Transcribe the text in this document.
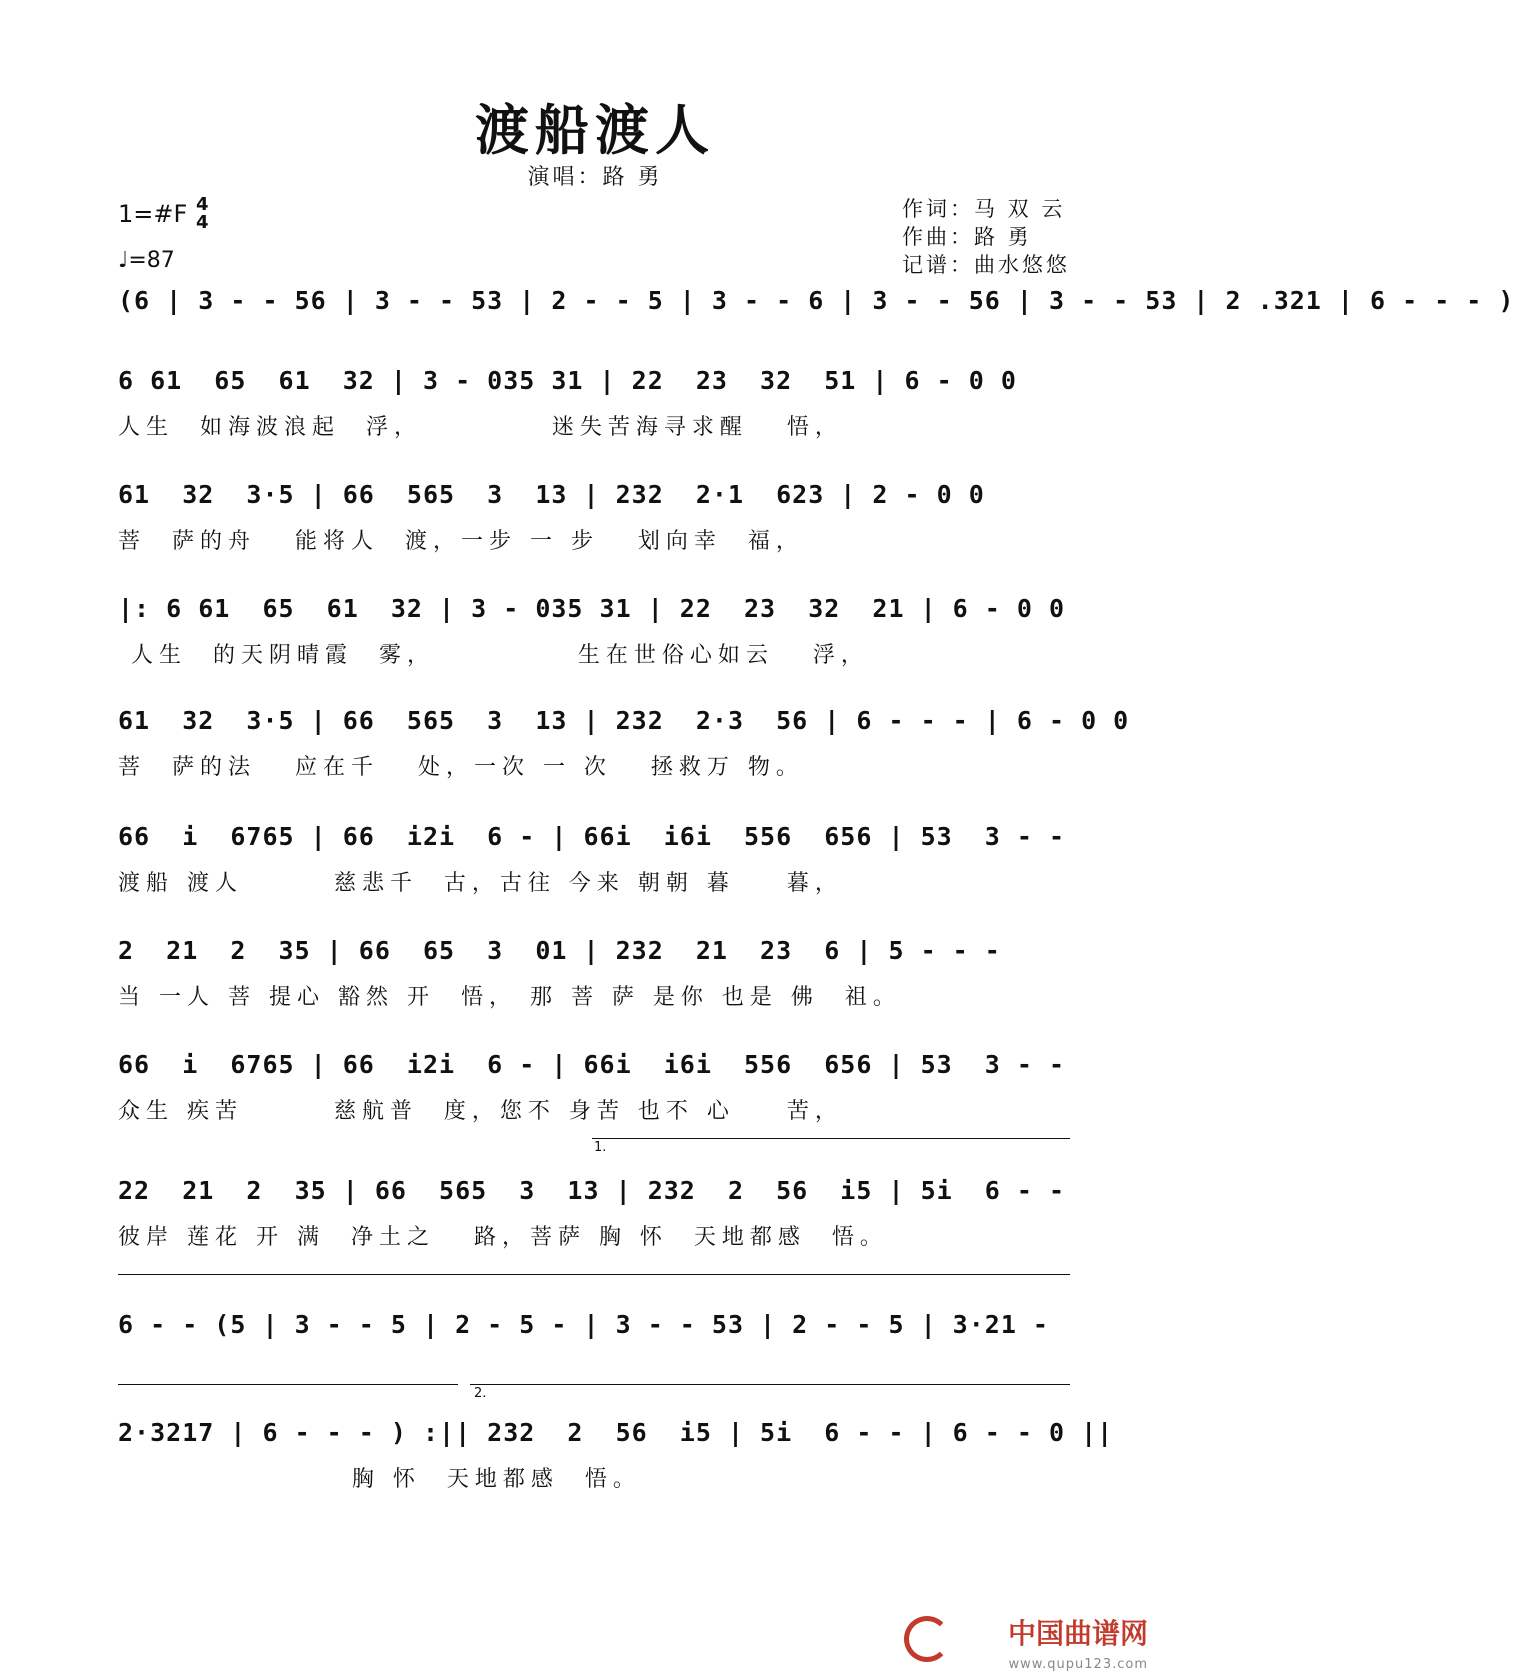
渡船渡人
演唱：路 勇
1=#F 4
4
♩=87
作词：马 双 云
作曲：路 勇
记谱：曲水悠悠
(6 | 3 - - 56 | 3 - - 53 | 2 - - 5 | 3 - - 6 | 3 - - 56 | 3 - - 53 | 2 .321 | 6 - - - )
6 61  65  61  32 | 3 - 035 31 | 22  23  32  51 | 6 - 0 0
人生  如海波浪起  浮，          迷失苦海寻求醒   悟，
61  32  3·5 | 66  565  3  13 | 232  2·1  623 | 2 - 0 0
菩  萨的舟   能将人  渡，一步 一 步   划向幸  福，
|: 6 61  65  61  32 | 3 - 035 31 | 22  23  32  21 | 6 - 0 0
人生  的天阴晴霞  雾，           生在世俗心如云   浮，
61  32  3·5 | 66  565  3  13 | 232  2·3  56 | 6 - - - | 6 - 0 0
菩  萨的法   应在千   处，一次 一 次   拯救万 物。
66  i  6765 | 66  i2i  6 - | 66i  i6i  556  656 | 53  3 - -
渡船 渡人       慈悲千  古，古往 今来 朝朝 暮    暮，
2  21  2  35 | 66  65  3  01 | 232  21  23  6 | 5 - - -
当 一人 菩 提心 豁然 开  悟， 那 菩 萨 是你 也是 佛  祖。
66  i  6765 | 66  i2i  6 - | 66i  i6i  556  656 | 53  3 - -
众生 疾苦       慈航普  度，您不 身苦 也不 心    苦，
1.
22  21  2  35 | 66  565  3  13 | 232  2  56  i5 | 5i  6 - -
彼岸 莲花 开 满  净土之   路，菩萨 胸 怀  天地都感  悟。
6 - - (5 | 3 - - 5 | 2 - 5 - | 3 - - 53 | 2 - - 5 | 3·21 -
2.
2·3217 | 6 - - - ) :|| 232  2  56  i5 | 5i  6 - - | 6 - - 0 ||
胸 怀  天地都感  悟。
中国曲谱网
www.qupu123.com
